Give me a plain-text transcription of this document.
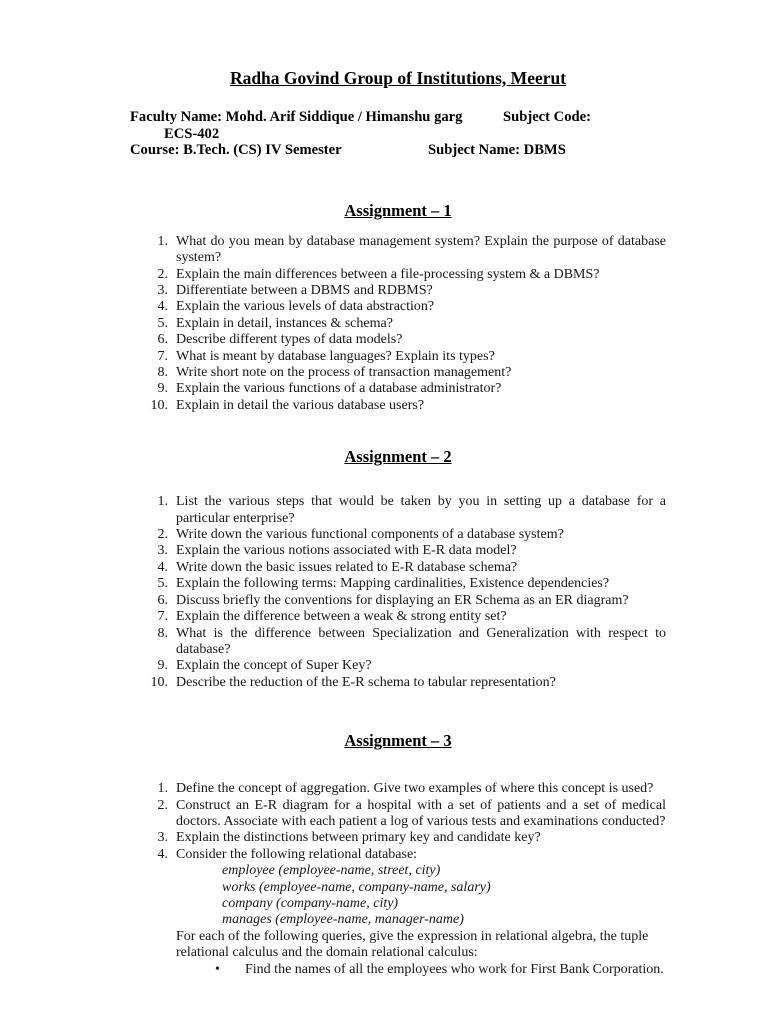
Radha Govind Group of Institutions, Meerut
Faculty Name: Mohd. Arif Siddique / Himanshu garg	Subject Code:
ECS-402
Course: B.Tech. (CS) IV Semester	Subject Name: DBMS
Assignment – 1
What do you mean by database management system? Explain the purpose of database system?
Explain the main differences between a file-processing system & a DBMS?
Differentiate between a DBMS and RDBMS?
Explain the various levels of data abstraction?
Explain in detail, instances & schema?
Describe different types of data models?
What is meant by database languages? Explain its types?
Write short note on the process of transaction management?
Explain the various functions of a database administrator?
Explain in detail the various database users?
Assignment – 2
List the various steps that would be taken by you in setting up a database for a particular enterprise?
Write down the various functional components of a database system?
Explain the various notions associated with E-R data model?
Write down the basic issues related to E-R database schema?
Explain the following terms: Mapping cardinalities, Existence dependencies?
Discuss briefly the conventions for displaying an ER Schema as an ER diagram?
Explain the difference between a weak & strong entity set?
What is the difference between Specialization and Generalization with respect to database?
Explain the concept of Super Key?
Describe the reduction of the E-R schema to tabular representation?
Assignment – 3
Define the concept of aggregation. Give two examples of where this concept is used?
Construct an E-R diagram for a hospital with a set of patients and a set of medical doctors. Associate with each patient a log of various tests and examinations conducted?
Explain the distinctions between primary key and candidate key?
Consider the following relational database:
employee (employee-name, street, city)
works (employee-name, company-name, salary)
company (company-name, city)
manages (employee-name, manager-name)

For each of the following queries, give the expression in relational algebra, the tuple relational calculus and the domain relational calculus:

• Find the names of all the employees who work for First Bank Corporation.
